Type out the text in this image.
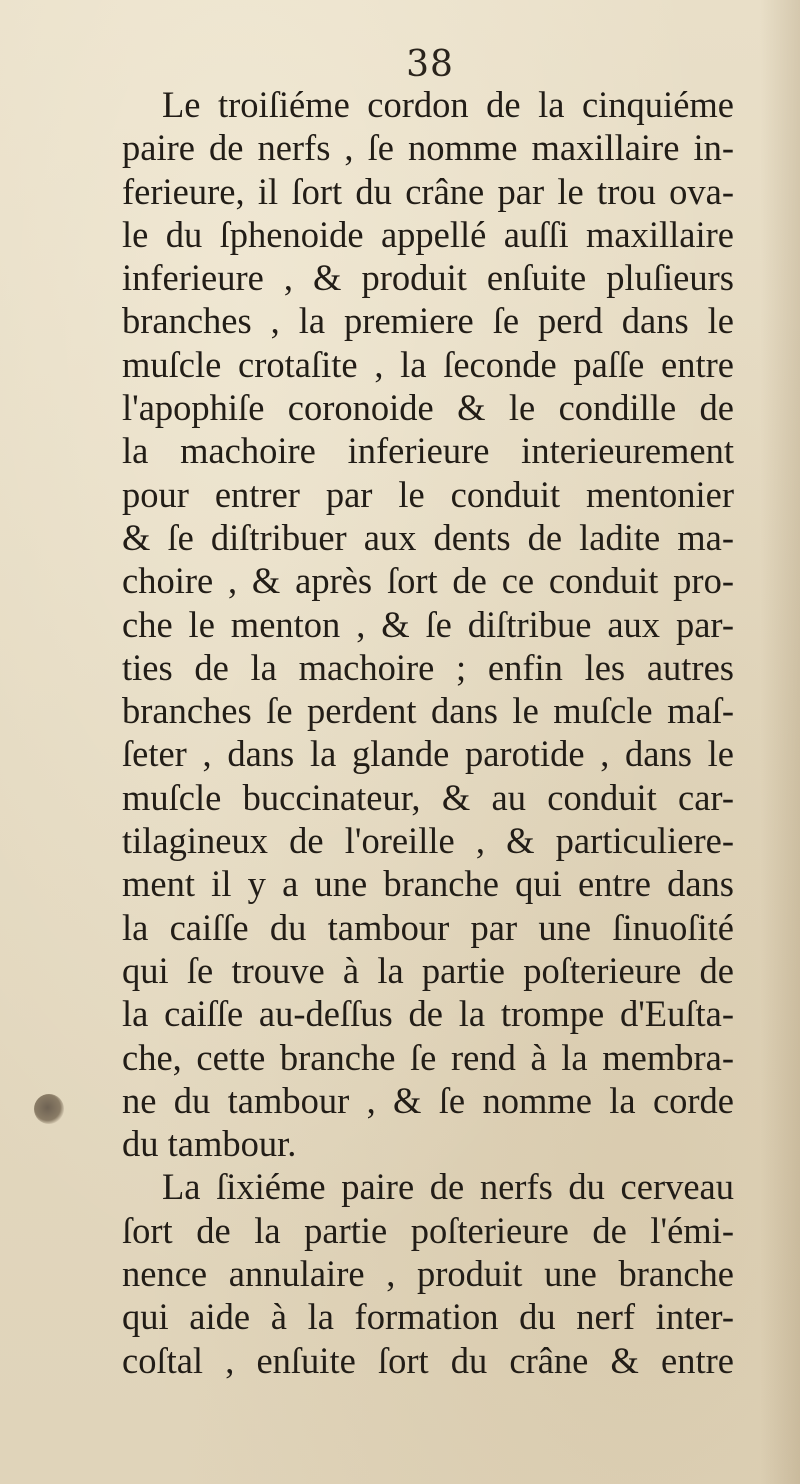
38
Le troiſiéme cordon de la cinquiéme
paire de nerfs , ſe nomme maxillaire in-
ferieure, il ſort du crâne par le trou ova-
le du ſphenoide appellé auſſi maxillaire
inferieure , & produit enſuite pluſieurs
branches , la premiere ſe perd dans le
muſcle crotaſite , la ſeconde paſſe entre
l'apophiſe coronoide & le condille de
la machoire inferieure interieurement
pour entrer par le conduit mentonier
& ſe diſtribuer aux dents de ladite ma-
choire , & après ſort de ce conduit pro-
che le menton , & ſe diſtribue aux par-
ties de la machoire ; enfin les autres
branches ſe perdent dans le muſcle maſ-
ſeter , dans la glande parotide , dans le
muſcle buccinateur, & au conduit car-
tilagineux de l'oreille , & particuliere-
ment il y a une branche qui entre dans
la caiſſe du tambour par une ſinuoſité
qui ſe trouve à la partie poſterieure de
la caiſſe au-deſſus de la trompe d'Euſta-
che, cette branche ſe rend à la membra-
ne du tambour , & ſe nomme la corde
du tambour.
La ſixiéme paire de nerfs du cerveau
ſort de la partie poſterieure de l'émi-
nence annulaire , produit une branche
qui aide à la formation du nerf inter-
coſtal , enſuite ſort du crâne & entre
